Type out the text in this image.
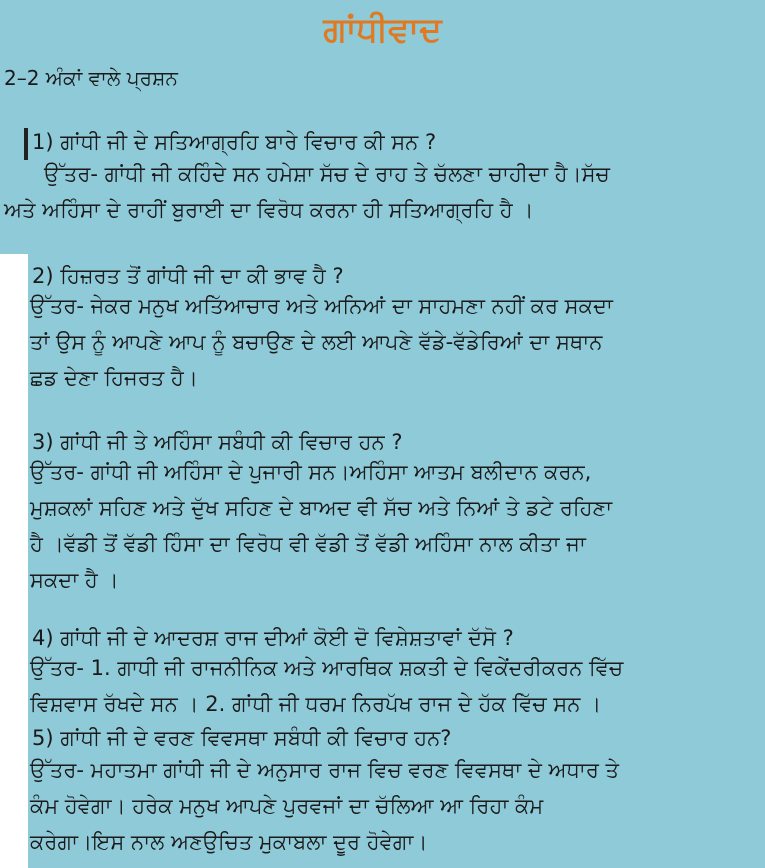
ਗਾਂਧੀਵਾਦ
2–2 ਅੰਕਾਂ ਵਾਲੇ ਪ੍ਰਸ਼ਨ
1) ਗਾਂਧੀ ਜੀ ਦੇ ਸਤਿਆਗ੍ਰਹਿ ਬਾਰੇ ਵਿਚਾਰ ਕੀ ਸਨ ?
ਉੱਤਰ- ਗਾਂਧੀ ਜੀ ਕਹਿੰਦੇ ਸਨ ਹਮੇਸ਼ਾ ਸੱਚ ਦੇ ਰਾਹ ਤੇ ਚੱਲਣਾ ਚਾਹੀਦਾ ਹੈ।ਸੱਚ
ਅਤੇ ਅਹਿੰਸਾ ਦੇ ਰਾਹੀਂ ਬੁਰਾਈ ਦਾ ਵਿਰੋਧ ਕਰਨਾ ਹੀ ਸਤਿਆਗ੍ਰਹਿ ਹੈ ।
2) ਹਿਜ਼ਰਤ ਤੋਂ ਗਾਂਧੀ ਜੀ ਦਾ ਕੀ ਭਾਵ ਹੈ ?
ਉੱਤਰ- ਜੇਕਰ ਮਨੁਖ ਅਤਿੱਆਚਾਰ ਅਤੇ ਅਨਿਆਂ ਦਾ ਸਾਹਮਣਾ ਨਹੀਂ ਕਰ ਸਕਦਾ
ਤਾਂ ਉਸ ਨੂੰ ਆਪਣੇ ਆਪ ਨੂੰ ਬਚਾਉਣ ਦੇ ਲਈ ਆਪਣੇ ਵੱਡੇ-ਵੱਡੇਰਿਆਂ ਦਾ ਸਥਾਨ
ਛਡ ਦੇਣਾ ਹਿਜਰਤ ਹੈ।
3) ਗਾਂਧੀ ਜੀ ਤੇ ਅਹਿੰਸਾ ਸਬੰਧੀ ਕੀ ਵਿਚਾਰ ਹਨ ?
ਉੱਤਰ- ਗਾਂਧੀ ਜੀ ਅਹਿੰਸਾ ਦੇ ਪੁਜਾਰੀ ਸਨ।ਅਹਿੰਸਾ ਆਤਮ ਬਲੀਦਾਨ ਕਰਨ,
ਮੁਸ਼ਕਲਾਂ ਸਹਿਣ ਅਤੇ ਦੁੱਖ ਸਹਿਣ ਦੇ ਬਾਅਦ ਵੀ ਸੱਚ ਅਤੇ ਨਿਆਂ ਤੇ ਡਟੇ ਰਹਿਣਾ
ਹੈ ।ਵੱਡੀ ਤੋਂ ਵੱਡੀ ਹਿੰਸਾ ਦਾ ਵਿਰੋਧ ਵੀ ਵੱਡੀ ਤੋਂ ਵੱਡੀ ਅਹਿੰਸਾ ਨਾਲ ਕੀਤਾ ਜਾ
ਸਕਦਾ ਹੈ ।
4) ਗਾਂਧੀ ਜੀ ਦੇ ਆਦਰਸ਼ ਰਾਜ ਦੀਆਂ ਕੋਈ ਦੋ ਵਿਸ਼ੇਸ਼ਤਾਵਾਂ ਦੱਸੋ ?
ਉੱਤਰ- 1. ਗਾਧੀ ਜੀ ਰਾਜਨੀਨਿਕ ਅਤੇ ਆਰਥਿਕ ਸ਼ਕਤੀ ਦੇ ਵਿਕੇਂਦਰੀਕਰਨ ਵਿੱਚ
ਵਿਸ਼ਵਾਸ ਰੱਖਦੇ ਸਨ । 2. ਗਾਂਧੀ ਜੀ ਧਰਮ ਨਿਰਪੱਖ ਰਾਜ ਦੇ ਹੱਕ ਵਿੱਚ ਸਨ ।
5) ਗਾਂਧੀ ਜੀ ਦੇ ਵਰਣ ਵਿਵਸਥਾ ਸਬੰਧੀ ਕੀ ਵਿਚਾਰ ਹਨ?
ਉੱਤਰ- ਮਹਾਤਮਾ ਗਾਂਧੀ ਜੀ ਦੇ ਅਨੁਸਾਰ ਰਾਜ ਵਿਚ ਵਰਣ ਵਿਵਸਥਾ ਦੇ ਅਧਾਰ ਤੇ
ਕੰਮ ਹੋਵੇਗਾ। ਹਰੇਕ ਮਨੁਖ ਆਪਣੇ ਪੁਰਵਜਾਂ ਦਾ ਚੱਲਿਆ ਆ ਰਿਹਾ ਕੰਮ
ਕਰੇਗਾ।ਇਸ ਨਾਲ ਅਣਉਚਿਤ ਮੁਕਾਬਲਾ ਦੂਰ ਹੋਵੇਗਾ।
